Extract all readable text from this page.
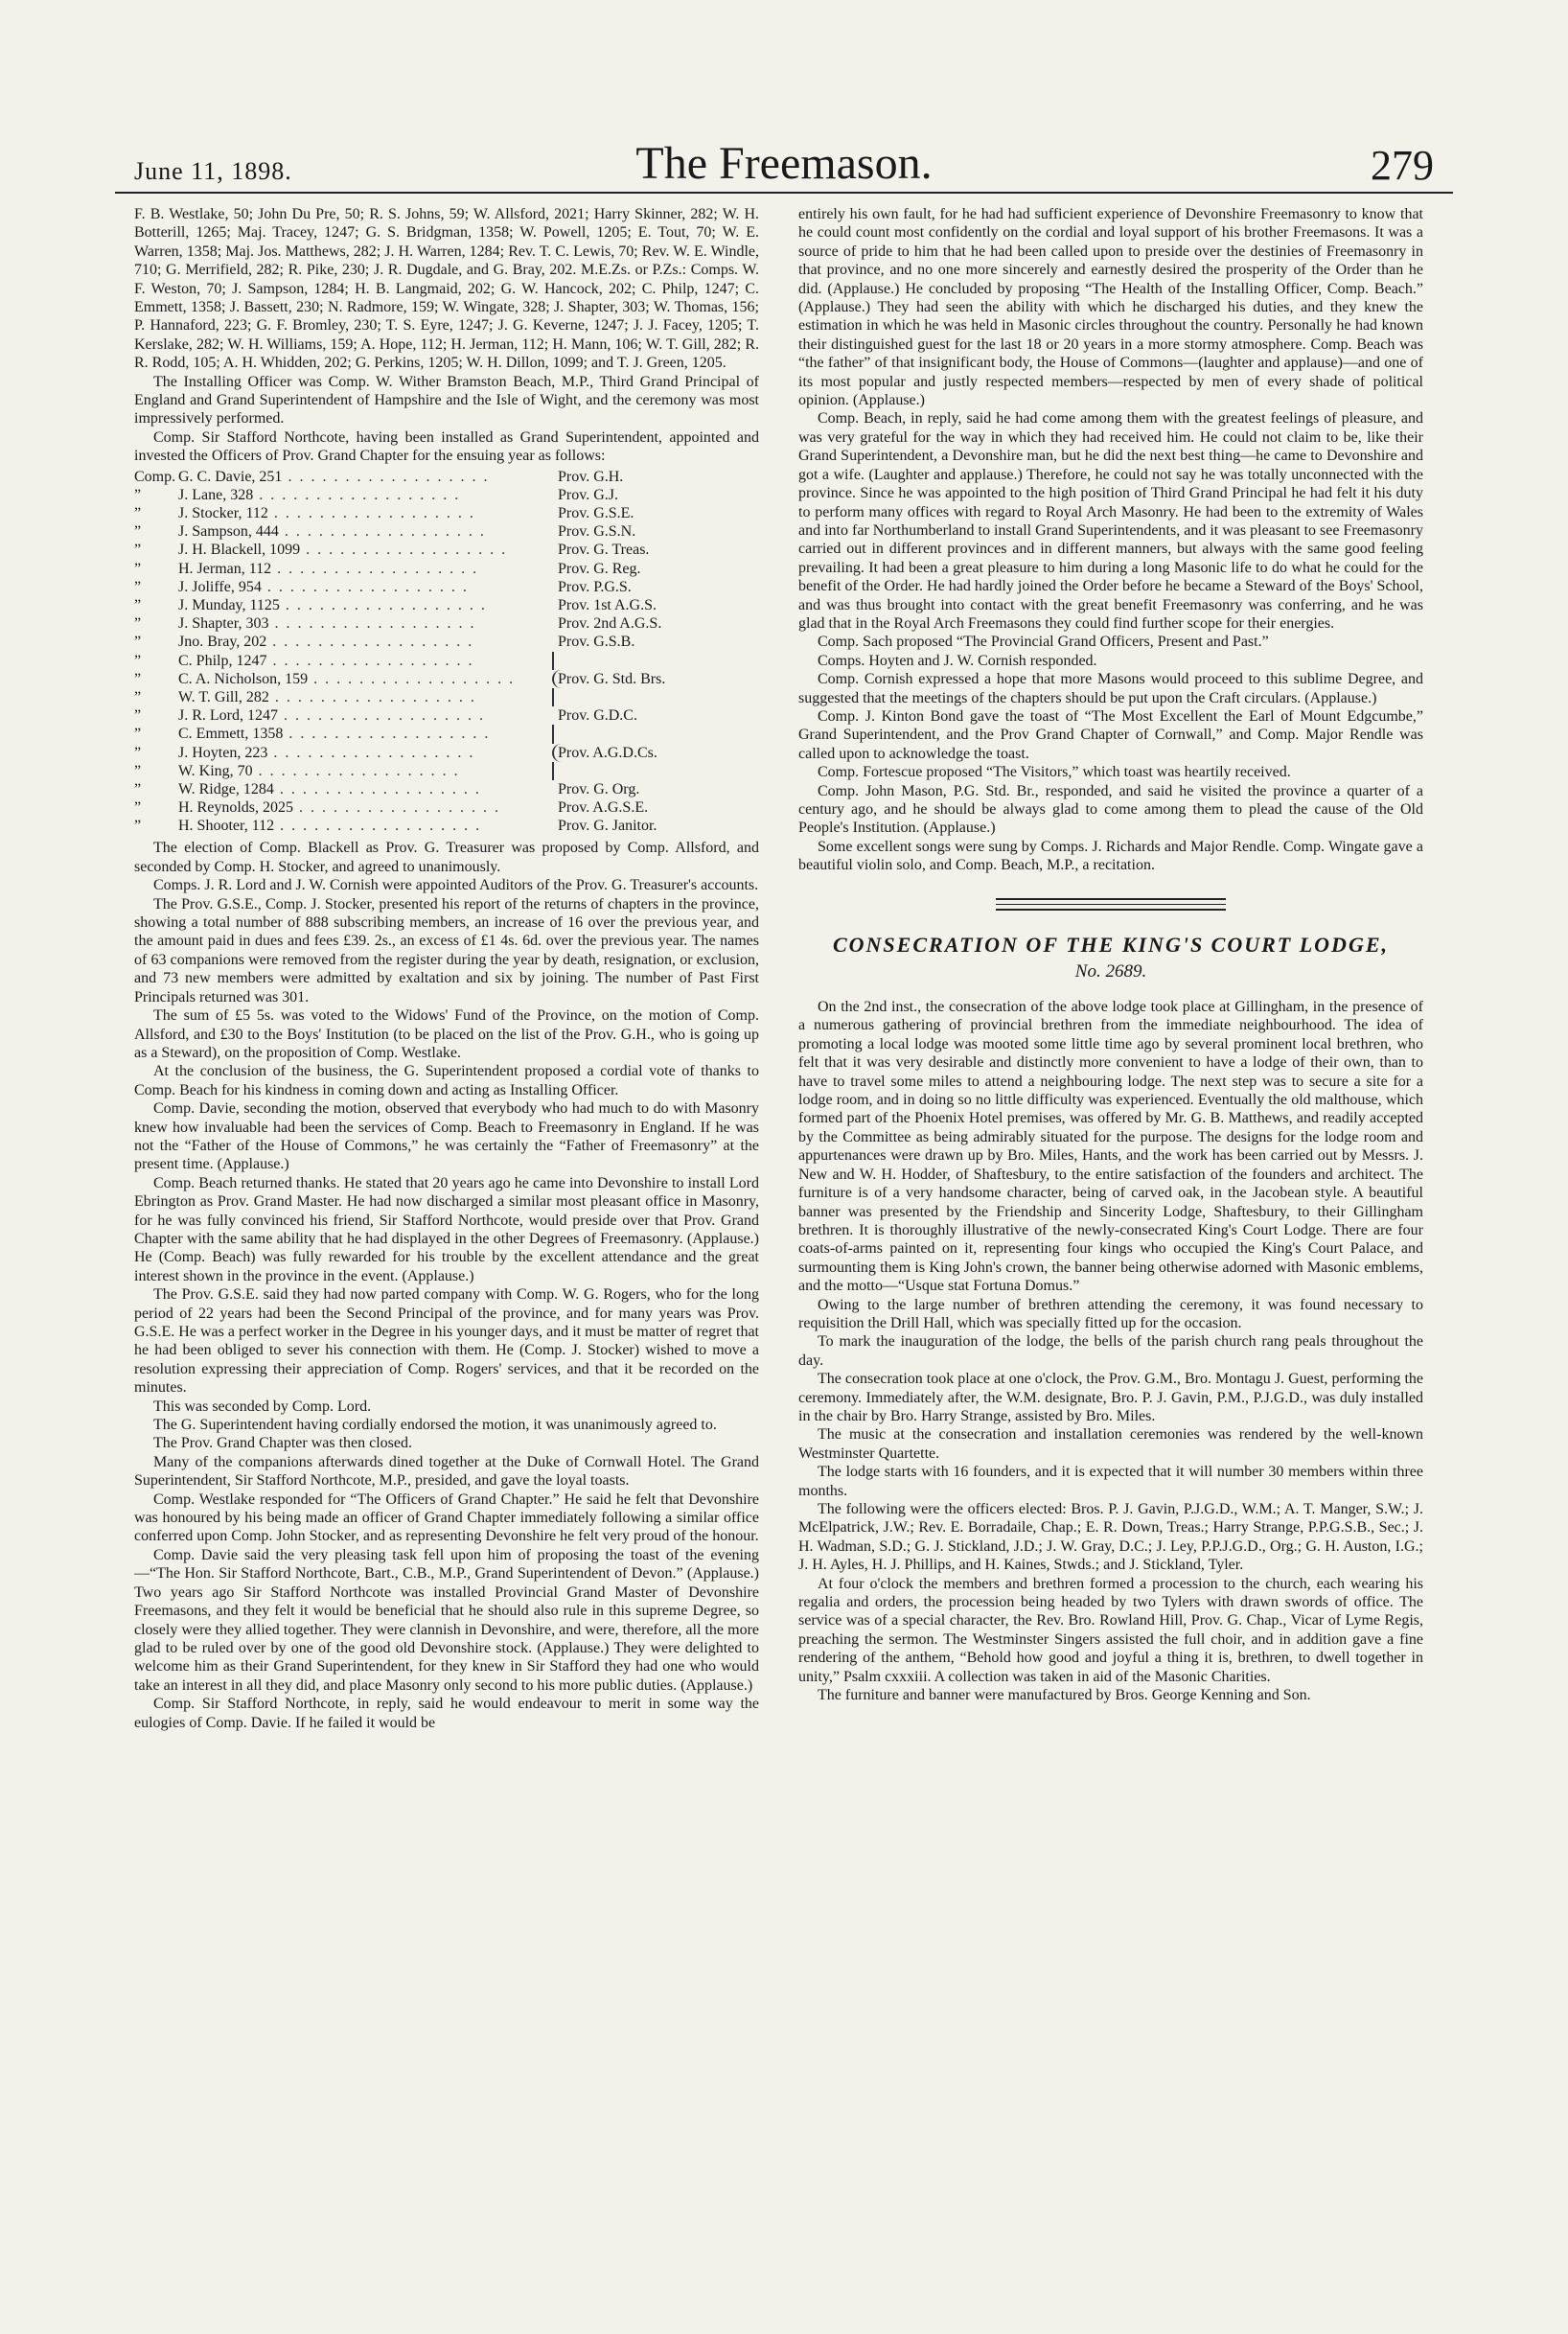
June 11, 1898.	The Freemason.	279

F. B. Westlake, 50; John Du Pre, 50; R. S. Johns, 59; W. Allsford, 2021; Harry Skinner, 282; W. H. Botterill, 1265; Maj. Tracey, 1247; G. S. Bridgman, 1358; W. Powell, 1205; E. Tout, 70; W. E. Warren, 1358; Maj. Jos. Matthews, 282; J. H. Warren, 1284; Rev. T. C. Lewis, 70; Rev. W. E. Windle, 710; G. Merrifield, 282; R. Pike, 230; J. R. Dugdale, and G. Bray, 202. M.E.Zs. or P.Zs.: Comps. W. F. Weston, 70; J. Sampson, 1284; H. B. Langmaid, 202; G. W. Hancock, 202; C. Philp, 1247; C. Emmett, 1358; J. Bassett, 230; N. Radmore, 159; W. Wingate, 328; J. Shapter, 303; W. Thomas, 156; P. Hannaford, 223; G. F. Bromley, 230; T. S. Eyre, 1247; J. G. Keverne, 1247; J. J. Facey, 1205; T. Kerslake, 282; W. H. Williams, 159; A. Hope, 112; H. Jerman, 112; H. Mann, 106; W. T. Gill, 282; R. R. Rodd, 105; A. H. Whidden, 202; G. Perkins, 1205; W. H. Dillon, 1099; and T. J. Green, 1205.

The Installing Officer was Comp. W. Wither Bramston Beach, M.P., Third Grand Principal of England and Grand Superintendent of Hampshire and the Isle of Wight, and the ceremony was most impressively performed.

Comp. Sir Stafford Northcote, having been installed as Grand Superintendent, appointed and invested the Officers of Prov. Grand Chapter for the ensuing year as follows:

Comp. G. C. Davie, 251 . . .	Prov. G.H.
”	J. Lane, 328 . . .	Prov. G.J.
”	J. Stocker, 112 . . .	Prov. G.S.E.
”	J. Sampson, 444 . . .	Prov. G.S.N.
”	J. H. Blackell, 1099 . . .	Prov. G. Treas.
”	H. Jerman, 112 . . .	Prov. G. Reg.
”	J. Joliffe, 954 . . .	Prov. P.G.S.
”	J. Munday, 1125 . . .	Prov. 1st A.G.S.
”	J. Shapter, 303 . . .	Prov. 2nd A.G.S.
”	Jno. Bray, 202 . . .	Prov. G.S.B.
”	C. Philp, 1247 . . .
”	C. A. Nicholson, 159 . . .	Prov. G. Std. Brs.
”	W. T. Gill, 282 . . .
”	J. R. Lord, 1247 . . .	Prov. G.D.C.
”	C. Emmett, 1358 . . .
”	J. Hoyten, 223 . . .	Prov. A.G.D.Cs.
”	W. King, 70 . . .
”	W. Ridge, 1284 . . .	Prov. G. Org.
”	H. Reynolds, 2025 . . .	Prov. A.G.S.E.
”	H. Shooter, 112 . . .	Prov. G. Janitor.

The election of Comp. Blackell as Prov. G. Treasurer was proposed by Comp. Allsford, and seconded by Comp. H. Stocker, and agreed to unanimously.

Comps. J. R. Lord and J. W. Cornish were appointed Auditors of the Prov. G. Treasurer's accounts.

The Prov. G.S.E., Comp. J. Stocker, presented his report of the returns of chapters in the province, showing a total number of 888 subscribing members, an increase of 16 over the previous year, and the amount paid in dues and fees £39. 2s., an excess of £1 4s. 6d. over the previous year. The names of 63 companions were removed from the register during the year by death, resignation, or exclusion, and 73 new members were admitted by exaltation and six by joining. The number of Past First Principals returned was 301.

The sum of £5 5s. was voted to the Widows' Fund of the Province, on the motion of Comp. Allsford, and £30 to the Boys' Institution (to be placed on the list of the Prov. G.H., who is going up as a Steward), on the proposition of Comp. Westlake.

At the conclusion of the business, the G. Superintendent proposed a cordial vote of thanks to Comp. Beach for his kindness in coming down and acting as Installing Officer.

Comp. Davie, seconding the motion, observed that everybody who had much to do with Masonry knew how invaluable had been the services of Comp. Beach to Freemasonry in England. If he was not the “Father of the House of Commons,” he was certainly the “Father of Freemasonry” at the present time. (Applause.)

Comp. Beach returned thanks. He stated that 20 years ago he came into Devonshire to install Lord Ebrington as Prov. Grand Master. He had now discharged a similar most pleasant office in Masonry, for he was fully convinced his friend, Sir Stafford Northcote, would preside over that Prov. Grand Chapter with the same ability that he had displayed in the other Degrees of Freemasonry. (Applause.) He (Comp. Beach) was fully rewarded for his trouble by the excellent attendance and the great interest shown in the province in the event. (Applause.)

The Prov. G.S.E. said they had now parted company with Comp. W. G. Rogers, who for the long period of 22 years had been the Second Principal of the province, and for many years was Prov. G.S.E. He was a perfect worker in the Degree in his younger days, and it must be matter of regret that he had been obliged to sever his connection with them. He (Comp. J. Stocker) wished to move a resolution expressing their appreciation of Comp. Rogers' services, and that it be recorded on the minutes.

This was seconded by Comp. Lord.

The G. Superintendent having cordially endorsed the motion, it was unanimously agreed to.

The Prov. Grand Chapter was then closed.

Many of the companions afterwards dined together at the Duke of Cornwall Hotel. The Grand Superintendent, Sir Stafford Northcote, M.P., presided, and gave the loyal toasts.

Comp. Westlake responded for “The Officers of Grand Chapter.” He said he felt that Devonshire was honoured by his being made an officer of Grand Chapter immediately following a similar office conferred upon Comp. John Stocker, and as representing Devonshire he felt very proud of the honour.

Comp. Davie said the very pleasing task fell upon him of proposing the toast of the evening—“The Hon. Sir Stafford Northcote, Bart., C.B., M.P., Grand Superintendent of Devon.” (Applause.) Two years ago Sir Stafford Northcote was installed Provincial Grand Master of Devonshire Freemasons, and they felt it would be beneficial that he should also rule in this supreme Degree, so closely were they allied together. They were clannish in Devonshire, and were, therefore, all the more glad to be ruled over by one of the good old Devonshire stock. (Applause.) They were delighted to welcome him as their Grand Superintendent, for they knew in Sir Stafford they had one who would take an interest in all they did, and place Masonry only second to his more public duties. (Applause.)

Comp. Sir Stafford Northcote, in reply, said he would endeavour to merit in some way the eulogies of Comp. Davie. If he failed it would be

entirely his own fault, for he had had sufficient experience of Devonshire Freemasonry to know that he could count most confidently on the cordial and loyal support of his brother Freemasons. It was a source of pride to him that he had been called upon to preside over the destinies of Freemasonry in that province, and no one more sincerely and earnestly desired the prosperity of the Order than he did. (Applause.) He concluded by proposing “The Health of the Installing Officer, Comp. Beach.” (Applause.) They had seen the ability with which he discharged his duties, and they knew the estimation in which he was held in Masonic circles throughout the country. Personally he had known their distinguished guest for the last 18 or 20 years in a more stormy atmosphere. Comp. Beach was “the father” of that insignificant body, the House of Commons—(laughter and applause)—and one of its most popular and justly respected members—respected by men of every shade of political opinion. (Applause.)

Comp. Beach, in reply, said he had come among them with the greatest feelings of pleasure, and was very grateful for the way in which they had received him. He could not claim to be, like their Grand Superintendent, a Devonshire man, but he did the next best thing—he came to Devonshire and got a wife. (Laughter and applause.) Therefore, he could not say he was totally unconnected with the province. Since he was appointed to the high position of Third Grand Principal he had felt it his duty to perform many offices with regard to Royal Arch Masonry. He had been to the extremity of Wales and into far Northumberland to install Grand Superintendents, and it was pleasant to see Freemasonry carried out in different provinces and in different manners, but always with the same good feeling prevailing. It had been a great pleasure to him during a long Masonic life to do what he could for the benefit of the Order. He had hardly joined the Order before he became a Steward of the Boys' School, and was thus brought into contact with the great benefit Freemasonry was conferring, and he was glad that in the Royal Arch Freemasons they could find further scope for their energies.

Comp. Sach proposed “The Provincial Grand Officers, Present and Past.”

Comps. Hoyten and J. W. Cornish responded.

Comp. Cornish expressed a hope that more Masons would proceed to this sublime Degree, and suggested that the meetings of the chapters should be put upon the Craft circulars. (Applause.)

Comp. J. Kinton Bond gave the toast of “The Most Excellent the Earl of Mount Edgcumbe,” Grand Superintendent, and the Prov Grand Chapter of Cornwall,” and Comp. Major Rendle was called upon to acknowledge the toast.

Comp. Fortescue proposed “The Visitors,” which toast was heartily received.

Comp. John Mason, P.G. Std. Br., responded, and said he visited the province a quarter of a century ago, and he should be always glad to come among them to plead the cause of the Old People's Institution. (Applause.)

Some excellent songs were sung by Comps. J. Richards and Major Rendle. Comp. Wingate gave a beautiful violin solo, and Comp. Beach, M.P., a recitation.

CONSECRATION OF THE KING'S COURT LODGE,
No. 2689.

On the 2nd inst., the consecration of the above lodge took place at Gillingham, in the presence of a numerous gathering of provincial brethren from the immediate neighbourhood. The idea of promoting a local lodge was mooted some little time ago by several prominent local brethren, who felt that it was very desirable and distinctly more convenient to have a lodge of their own, than to have to travel some miles to attend a neighbouring lodge. The next step was to secure a site for a lodge room, and in doing so no little difficulty was experienced. Eventually the old malthouse, which formed part of the Phoenix Hotel premises, was offered by Mr. G. B. Matthews, and readily accepted by the Committee as being admirably situated for the purpose. The designs for the lodge room and appurtenances were drawn up by Bro. Miles, Hants, and the work has been carried out by Messrs. J. New and W. H. Hodder, of Shaftesbury, to the entire satisfaction of the founders and architect. The furniture is of a very handsome character, being of carved oak, in the Jacobean style. A beautiful banner was presented by the Friendship and Sincerity Lodge, Shaftesbury, to their Gillingham brethren. It is thoroughly illustrative of the newly-consecrated King's Court Lodge. There are four coats-of-arms painted on it, representing four kings who occupied the King's Court Palace, and surmounting them is King John's crown, the banner being otherwise adorned with Masonic emblems, and the motto—“Usque stat Fortuna Domus.”

Owing to the large number of brethren attending the ceremony, it was found necessary to requisition the Drill Hall, which was specially fitted up for the occasion.

To mark the inauguration of the lodge, the bells of the parish church rang peals throughout the day.

The consecration took place at one o'clock, the Prov. G.M., Bro. Montagu J. Guest, performing the ceremony. Immediately after, the W.M. designate, Bro. P. J. Gavin, P.M., P.J.G.D., was duly installed in the chair by Bro. Harry Strange, assisted by Bro. Miles.

The music at the consecration and installation ceremonies was rendered by the well-known Westminster Quartette.

The lodge starts with 16 founders, and it is expected that it will number 30 members within three months.

The following were the officers elected: Bros. P. J. Gavin, P.J.G.D., W.M.; A. T. Manger, S.W.; J. McElpatrick, J.W.; Rev. E. Borradaile, Chap.; E. R. Down, Treas.; Harry Strange, P.P.G.S.B., Sec.; J. H. Wadman, S.D.; G. J. Stickland, J.D.; J. W. Gray, D.C.; J. Ley, P.P.J.G.D., Org.; G. H. Auston, I.G.; J. H. Ayles, H. J. Phillips, and H. Kaines, Stwds.; and J. Stickland, Tyler.

At four o'clock the members and brethren formed a procession to the church, each wearing his regalia and orders, the procession being headed by two Tylers with drawn swords of office. The service was of a special character, the Rev. Bro. Rowland Hill, Prov. G. Chap., Vicar of Lyme Regis, preaching the sermon. The Westminster Singers assisted the full choir, and in addition gave a fine rendering of the anthem, “Behold how good and joyful a thing it is, brethren, to dwell together in unity,” Psalm cxxxiii. A collection was taken in aid of the Masonic Charities.

The furniture and banner were manufactured by Bros. George Kenning and Son.
